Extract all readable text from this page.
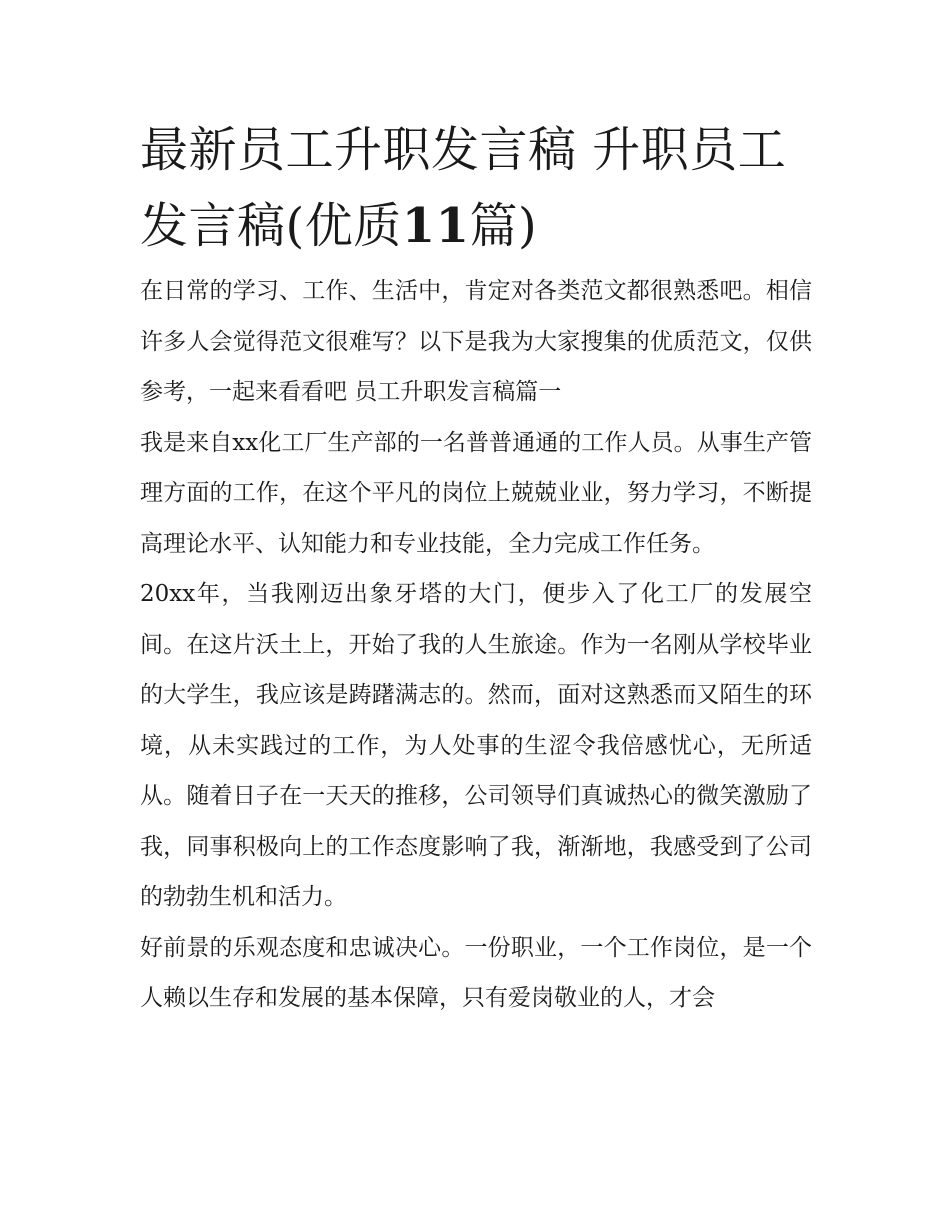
最新员工升职发言稿 升职员工发言稿(优质11篇)

在日常的学习、工作、生活中，肯定对各类范文都很熟悉吧。相信许多人会觉得范文很难写？以下是我为大家搜集的优质范文，仅供参考，一起来看看吧 员工升职发言稿篇一

我是来自xx化工厂生产部的一名普普通通的工作人员。从事生产管理方面的工作，在这个平凡的岗位上兢兢业业，努力学习，不断提高理论水平、认知能力和专业技能，全力完成工作任务。

20xx年，当我刚迈出象牙塔的大门，便步入了化工厂的发展空间。在这片沃土上，开始了我的人生旅途。作为一名刚从学校毕业的大学生，我应该是踌躇满志的。然而，面对这熟悉而又陌生的环境，从未实践过的工作，为人处事的生涩令我倍感忧心，无所适从。随着日子在一天天的推移，公司领导们真诚热心的微笑激励了我，同事积极向上的工作态度影响了我，渐渐地，我感受到了公司的勃勃生机和活力。

好前景的乐观态度和忠诚决心。一份职业，一个工作岗位，是一个人赖以生存和发展的基本保障，只有爱岗敬业的人，才会
